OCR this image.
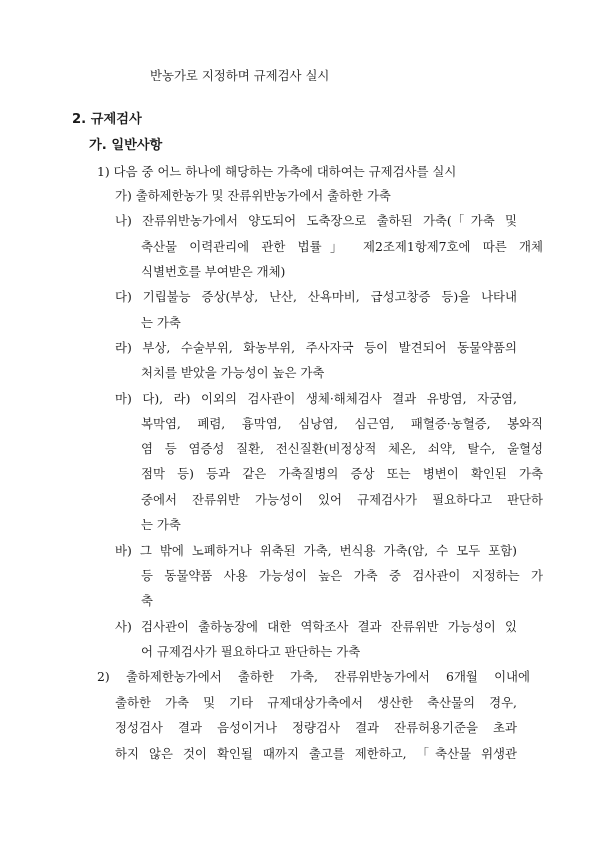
반농가로 지정하며 규제검사 실시
2. 규제검사
가. 일반사항
1) 다음 중 어느 하나에 해당하는 가축에 대하여는 규제검사를 실시
가) 출하제한농가 및 잔류위반농가에서 출하한 가축
나) 잔류위반농가에서 양도되어 도축장으로 출하된 가축(「가축 및
축산물 이력관리에 관한 법률」 제2조제1항제7호에 따른 개체
식별번호를 부여받은 개체)
다) 기립불능 증상(부상, 난산, 산욕마비, 급성고창증 등)을 나타내
는 가축
라) 부상, 수술부위, 화농부위, 주사자국 등이 발견되어 동물약품의
처치를 받았을 가능성이 높은 가축
마) 다), 라) 이외의 검사관이 생체·해체검사 결과 유방염, 자궁염,
복막염, 폐렴, 흉막염, 심낭염, 심근염, 패혈증·농혈증, 봉와직
염 등 염증성 질환, 전신질환(비정상적 체온, 쇠약, 탈수, 울혈성
점막 등) 등과 같은 가축질병의 증상 또는 병변이 확인된 가축
중에서 잔류위반 가능성이 있어 규제검사가 필요하다고 판단하
는 가축
바) 그 밖에 노폐하거나 위축된 가축, 번식용 가축(암, 수 모두 포함)
등 동물약품 사용 가능성이 높은 가축 중 검사관이 지정하는 가
축
사) 검사관이 출하농장에 대한 역학조사 결과 잔류위반 가능성이 있
어 규제검사가 필요하다고 판단하는 가축
2) 출하제한농가에서 출하한 가축, 잔류위반농가에서 6개월 이내에
출하한 가축 및 기타 규제대상가축에서 생산한 축산물의 경우,
정성검사 결과 음성이거나 정량검사 결과 잔류허용기준을 초과
하지 않은 것이 확인될 때까지 출고를 제한하고, 「축산물 위생관
